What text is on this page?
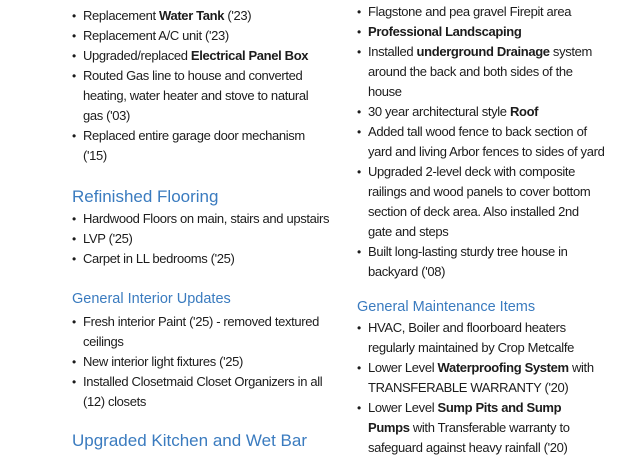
• Replacement Water Tank ('23)
• Replacement A/C unit ('23)
• Upgraded/replaced Electrical Panel Box
• Routed Gas line to house and converted
heating, water heater and stove to natural
gas ('03)
• Replaced entire garage door mechanism
('15)
Refinished Flooring
• Hardwood Floors on main, stairs and upstairs
• LVP ('25)
• Carpet in LL bedrooms ('25)
General Interior Updates
• Fresh interior Paint ('25) - removed textured
ceilings
• New interior light fixtures ('25)
• Installed Closetmaid Closet Organizers in all
(12) closets
Upgraded Kitchen and Wet Bar
• Flagstone and pea gravel Firepit area
• Professional Landscaping
• Installed underground Drainage system
around the back and both sides of the
house
• 30 year architectural style Roof
• Added tall wood fence to back section of
yard and living Arbor fences to sides of yard
• Upgraded 2-level deck with composite
railings and wood panels to cover bottom
section of deck area. Also installed 2nd
gate and steps
• Built long-lasting sturdy tree house in
backyard ('08)
General Maintenance Items
• HVAC, Boiler and floorboard heaters
regularly maintained by Crop Metcalfe
• Lower Level Waterproofing System with
TRANSFERABLE WARRANTY ('20)
• Lower Level Sump Pits and Sump
Pumps with Transferable warranty to
safeguard against heavy rainfall ('20)
